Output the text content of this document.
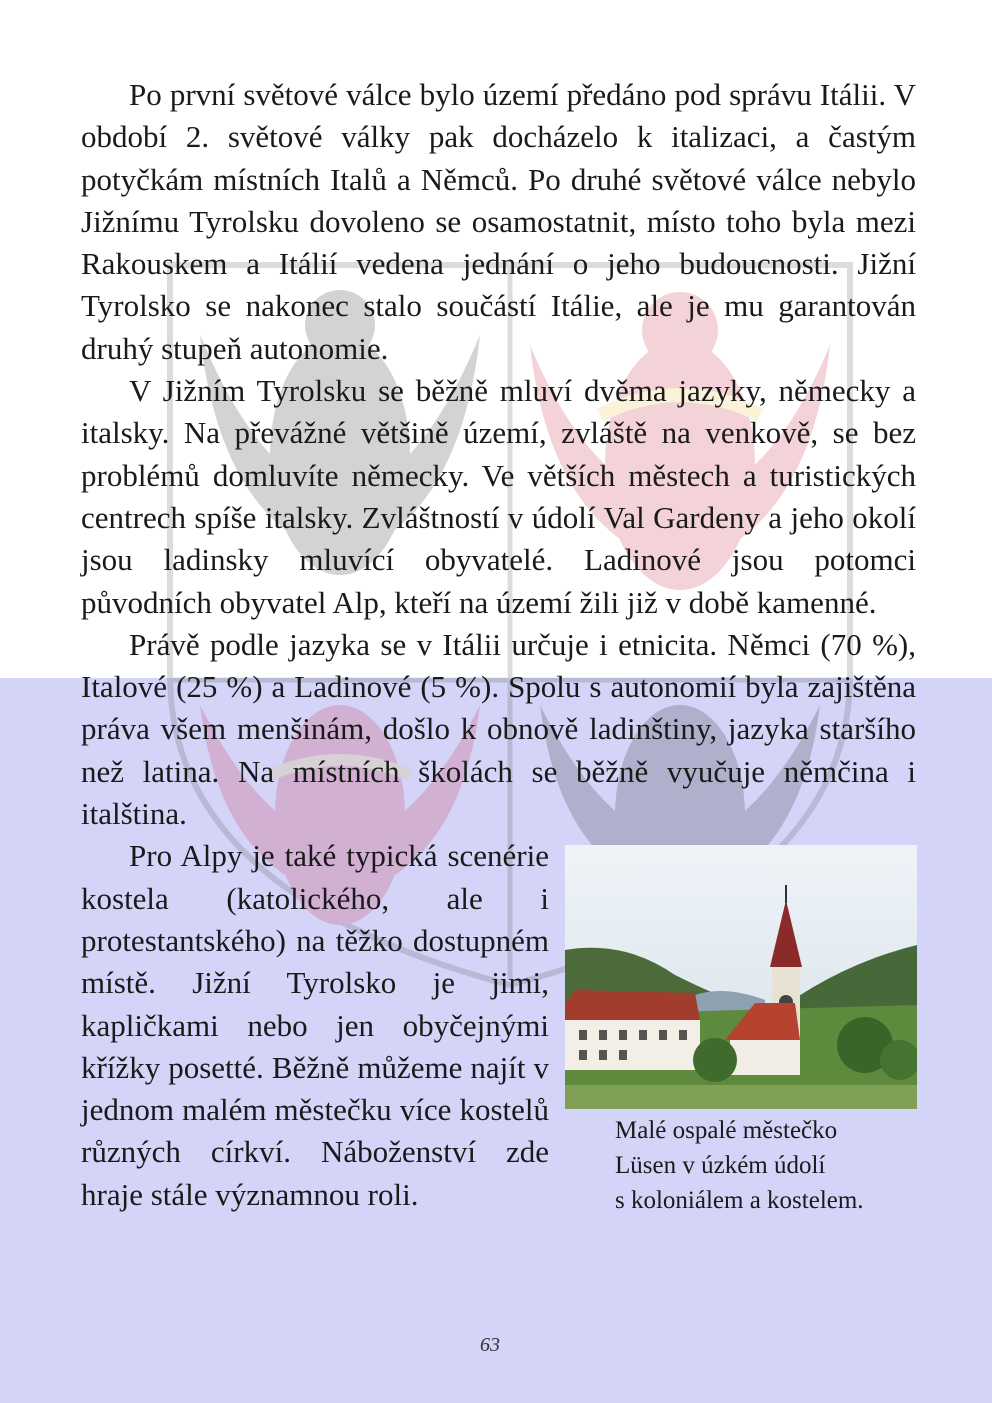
Po první světové válce bylo území předáno pod správu Itálii. V období 2. světové války pak docházelo k italizaci, a častým potyčkám místních Italů a Němců. Po druhé světové válce nebylo Jižnímu Tyrolsku dovoleno se osamostatnit, místo toho byla mezi Rakouskem a Itálií vedena jednání o jeho budoucnosti. Jižní Tyrolsko se nakonec stalo součástí Itálie, ale je mu garantován druhý stupeň autonomie.

V Jižním Tyrolsku se běžně mluví dvěma jazyky, německy a italsky. Na převážné většině území, zvláště na venkově, se bez problémů domluvíte německy. Ve větších městech a turistických centrech spíše italsky. Zvláštností v údolí Val Gardeny a jeho okolí jsou ladinsky mluvící obyvatelé. Ladinové jsou potomci původních obyvatel Alp, kteří na území žili již v době kamenné.

Právě podle jazyka se v Itálii určuje i etnicita. Němci (70 %), Italové (25 %) a Ladinové (5 %). Spolu s autonomií byla zajištěna práva všem menšinám, došlo k obnově ladinštiny, jazyka staršího než latina. Na místních školách se běžně vyučuje němčina i italština.

Pro Alpy je také typická scenérie kostela (katolického, ale i protestantského) na těžko dostupném místě. Jižní Tyrolsko je jimi, kapličkami nebo jen obyčejnými křížky posetté. Běžně můžeme najít v jednom malém městečku více kostelů různých církví. Náboženství zde hraje stále významnou roli.

Malé ospalé městečko
Lüsen v úzkém údolí
s koloniálem a kostelem.
63
